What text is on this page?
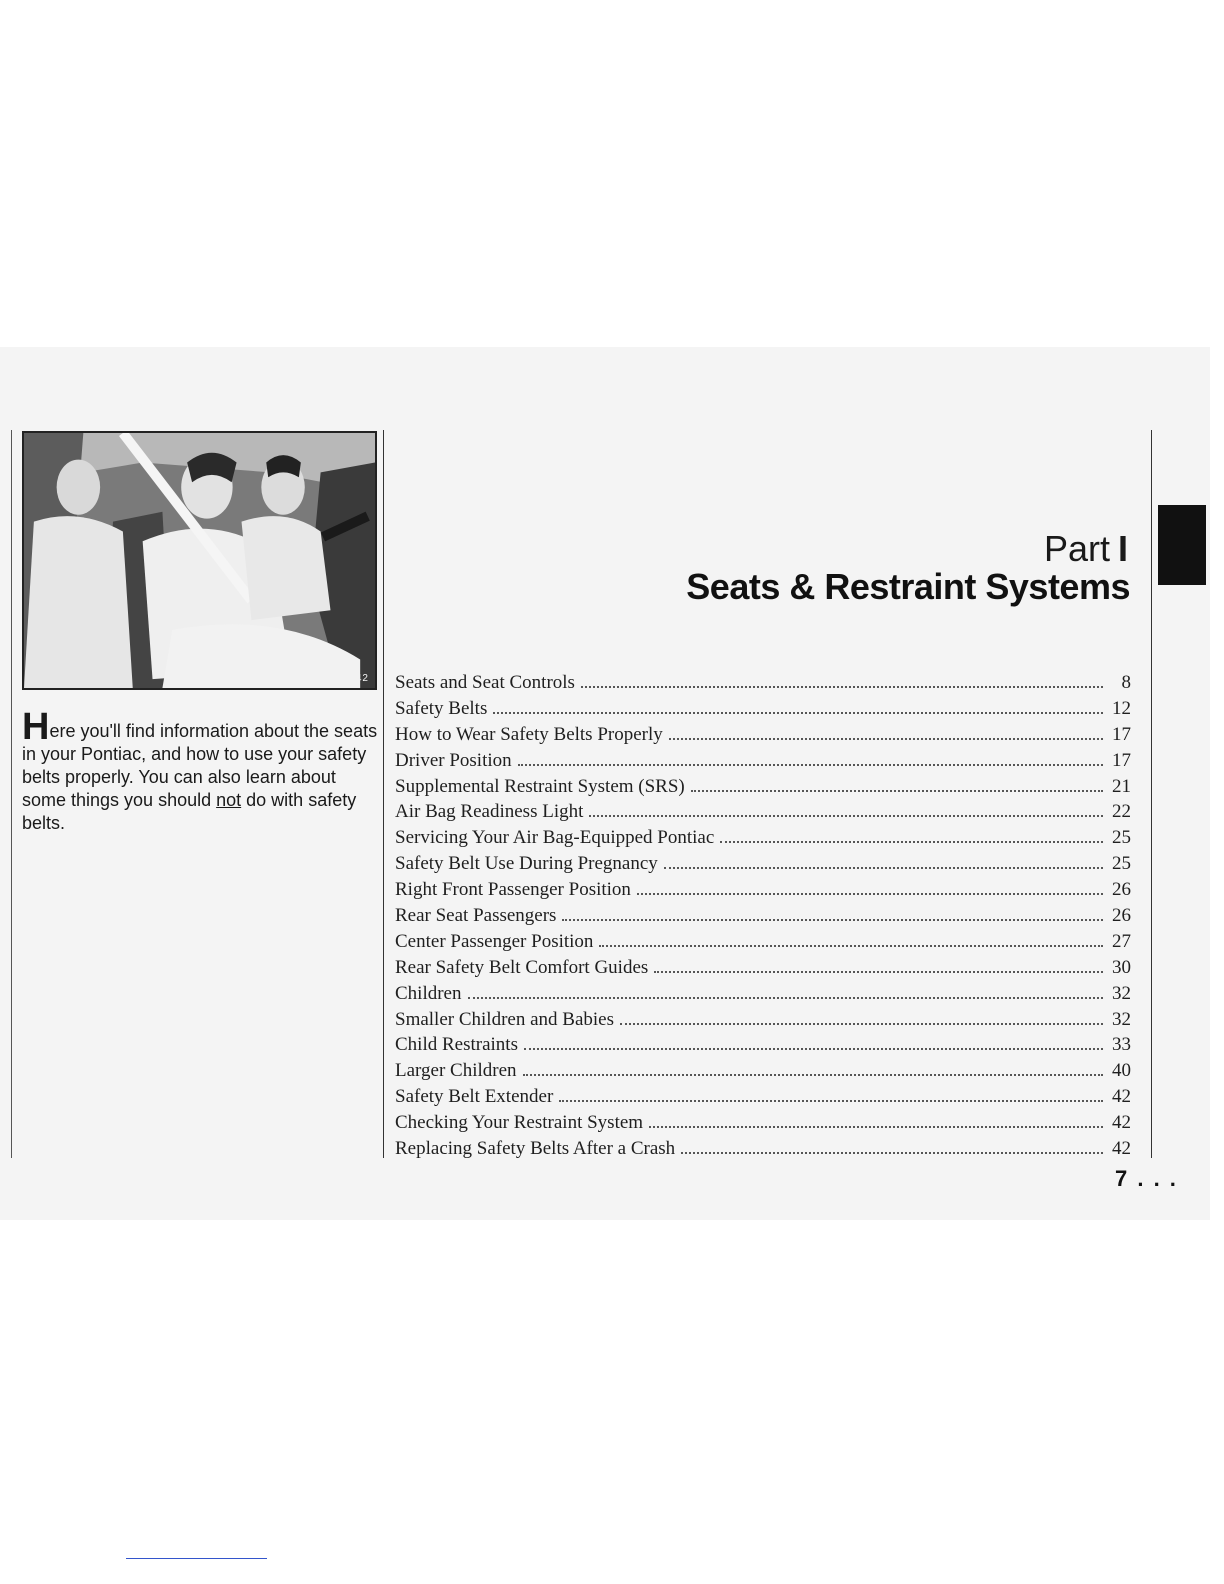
X1142
Here you'll find information about the seats in your Pontiac, and how to use your safety belts properly. You can also learn about some things you should not do with safety belts.
Part I
Seats & Restraint Systems
Seats and Seat Controls	8
Safety Belts	12
How to Wear Safety Belts Properly	17
Driver Position	17
Supplemental Restraint System (SRS)	21
Air Bag Readiness Light	22
Servicing Your Air Bag-Equipped Pontiac	25
Safety Belt Use During Pregnancy	25
Right Front Passenger Position	26
Rear Seat Passengers	26
Center Passenger Position	27
Rear Safety Belt Comfort Guides	30
Children	32
Smaller Children and Babies	32
Child Restraints	33
Larger Children	40
Safety Belt Extender	42
Checking Your Restraint System	42
Replacing Safety Belts After a Crash	42
7 . . .
